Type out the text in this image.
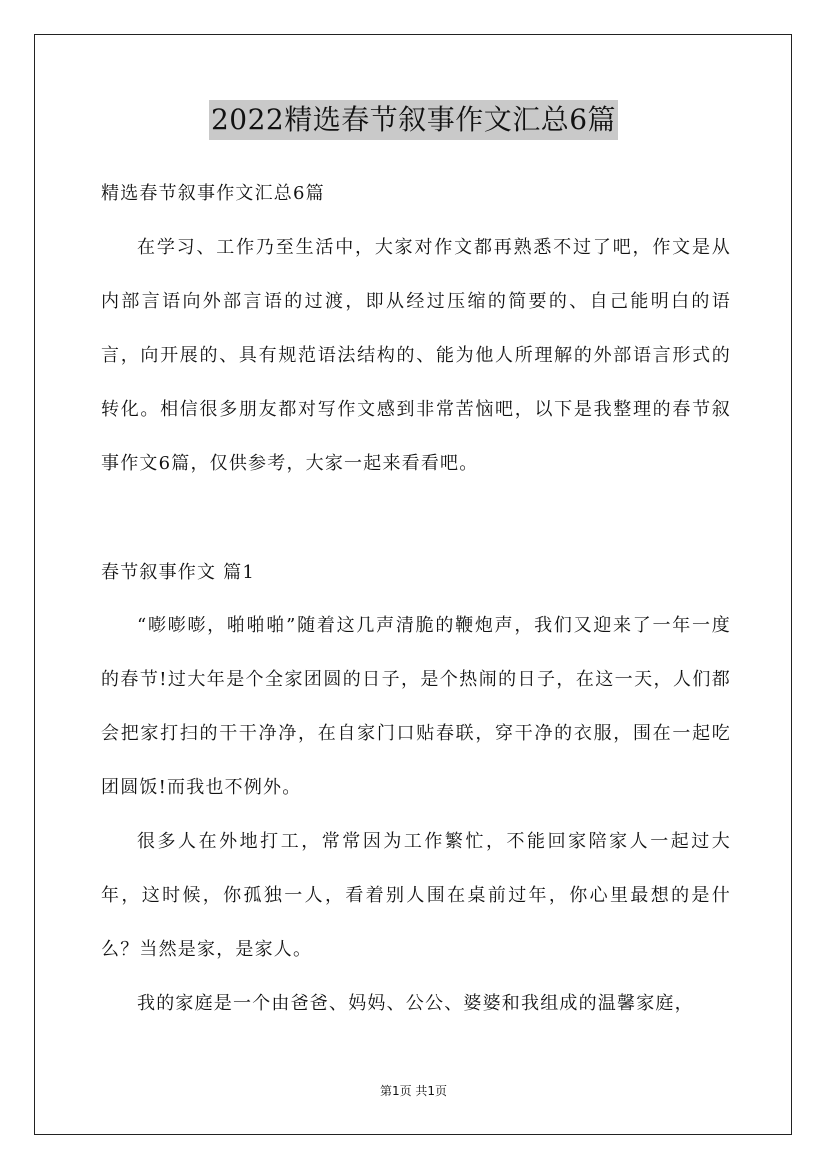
2022精选春节叙事作文汇总6篇
精选春节叙事作文汇总6篇

在学习、工作乃至生活中，大家对作文都再熟悉不过了吧，作文是从内部言语向外部言语的过渡，即从经过压缩的简要的、自己能明白的语言，向开展的、具有规范语法结构的、能为他人所理解的外部语言形式的转化。相信很多朋友都对写作文感到非常苦恼吧，以下是我整理的春节叙事作文6篇，仅供参考，大家一起来看看吧。

春节叙事作文 篇1

“嘭嘭嘭，啪啪啪”随着这几声清脆的鞭炮声，我们又迎来了一年一度的春节!过大年是个全家团圆的日子，是个热闹的日子，在这一天，人们都会把家打扫的干干净净，在自家门口贴春联，穿干净的衣服，围在一起吃团圆饭!而我也不例外。

很多人在外地打工，常常因为工作繁忙，不能回家陪家人一起过大年，这时候，你孤独一人，看着别人围在桌前过年，你心里最想的是什么？当然是家，是家人。

我的家庭是一个由爸爸、妈妈、公公、婆婆和我组成的温馨家庭，

第1页 共1页
